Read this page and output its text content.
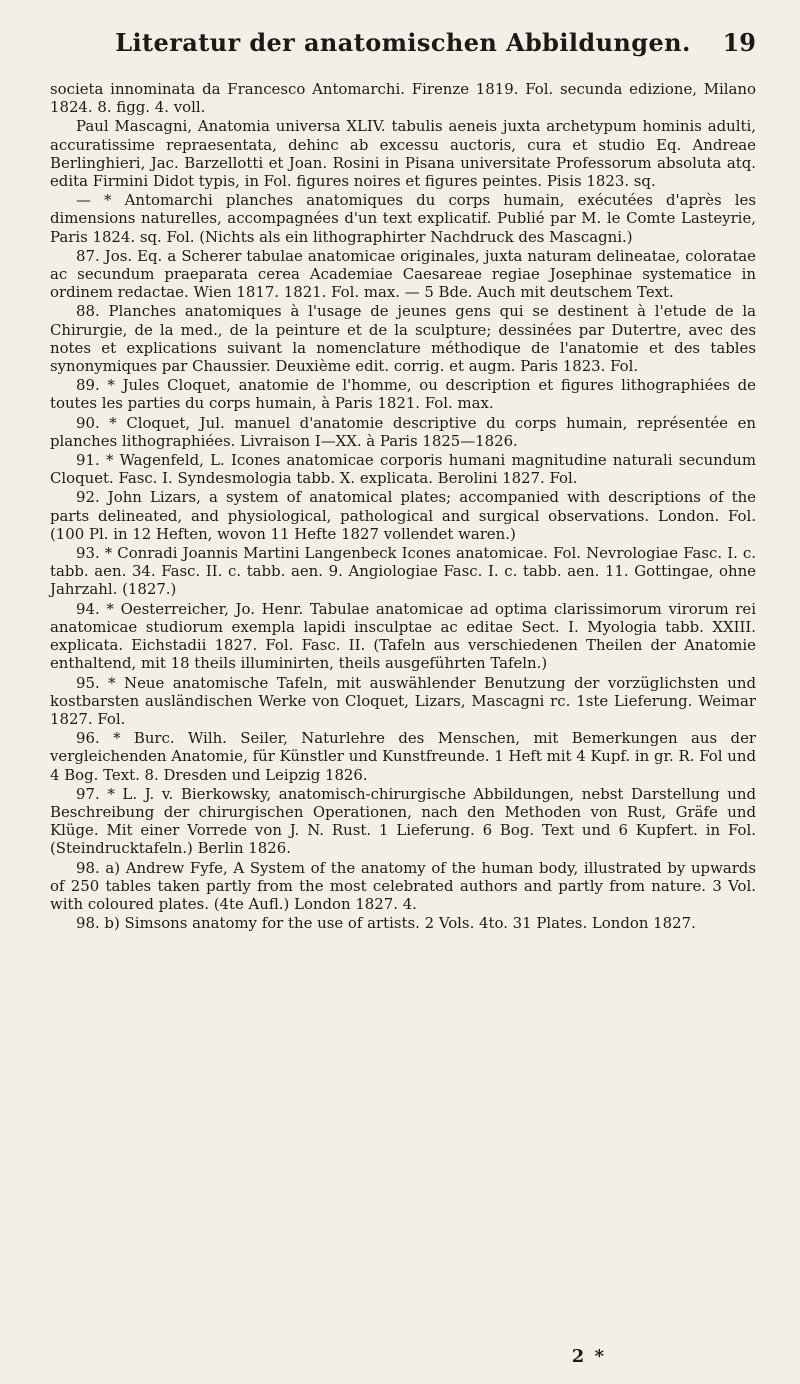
Literatur der anatomischen Abbildungen.	19

societa innominata da Francesco Antomarchi. Firenze 1819. Fol. secunda edizione, Milano 1824. 8. figg. 4. voll.

Paul Mascagni, Anatomia universa XLIV. tabulis aeneis juxta archetypum hominis adulti, accuratissime repraesentata, dehinc ab excessu auctoris, cura et studio Eq. Andreae Berlinghieri, Jac. Barzellotti et Joan. Rosini in Pisana universitate Professorum absoluta atq. edita Firmini Didot typis, in Fol. figures noires et figures peintes. Pisis 1823. sq.

— * Antomarchi planches anatomiques du corps humain, exécutées d'après les dimensions naturelles, accompagnées d'un text explicatif. Publié par M. le Comte Lasteyrie, Paris 1824. sq. Fol. (Nichts als ein lithographirter Nachdruck des Mascagni.)

87. Jos. Eq. a Scherer tabulae anatomicae originales, juxta naturam delineatae, coloratae ac secundum praeparata cerea Academiae Caesareae regiae Josephinae systematice in ordinem redactae. Wien 1817. 1821. Fol. max. — 5 Bde. Auch mit deutschem Text.

88. Planches anatomiques à l'usage de jeunes gens qui se destinent à l'etude de la Chirurgie, de la med., de la peinture et de la sculpture; dessinées par Dutertre, avec des notes et explications suivant la nomenclature méthodique de l'anatomie et des tables synonymiques par Chaussier. Deuxième edit. corrig. et augm. Paris 1823. Fol.

89. * Jules Cloquet, anatomie de l'homme, ou description et figures lithographiées de toutes les parties du corps humain, à Paris 1821. Fol. max.

90. * Cloquet, Jul. manuel d'anatomie descriptive du corps humain, représentée en planches lithographiées. Livraison I—XX. à Paris 1825—1826.

91. * Wagenfeld, L. Icones anatomicae corporis humani magnitudine naturali secundum Cloquet. Fasc. I. Syndesmologia tabb. X. explicata. Berolini 1827. Fol.

92. John Lizars, a system of anatomical plates; accompanied with descriptions of the parts delineated, and physiological, pathological and surgical observations. London. Fol. (100 Pl. in 12 Heften, wovon 11 Hefte 1827 vollendet waren.)

93. * Conradi Joannis Martini Langenbeck Icones anatomicae. Fol. Nevrologiae Fasc. I. c. tabb. aen. 34. Fasc. II. c. tabb. aen. 9. Angiologiae Fasc. I. c. tabb. aen. 11. Gottingae, ohne Jahrzahl. (1827.)

94. * Oesterreicher, Jo. Henr. Tabulae anatomicae ad optima clarissimorum virorum rei anatomicae studiorum exempla lapidi insculptae ac editae Sect. I. Myologia tabb. XXIII. explicata. Eichstadii 1827. Fol. Fasc. II. (Tafeln aus verschiedenen Theilen der Anatomie enthaltend, mit 18 theils illuminirten, theils ausgeführten Tafeln.)

95. * Neue anatomische Tafeln, mit auswählender Benutzung der vorzüglichsten und kostbarsten ausländischen Werke von Cloquet, Lizars, Mascagni rc. 1ste Lieferung. Weimar 1827. Fol.

96. * Burc. Wilh. Seiler, Naturlehre des Menschen, mit Bemerkungen aus der vergleichenden Anatomie, für Künstler und Kunstfreunde. 1 Heft mit 4 Kupf. in gr. R. Fol und 4 Bog. Text. 8. Dresden und Leipzig 1826.

97. * L. J. v. Bierkowsky, anatomisch-chirurgische Abbildungen, nebst Darstellung und Beschreibung der chirurgischen Operationen, nach den Methoden von Rust, Gräfe und Klüge. Mit einer Vorrede von J. N. Rust. 1 Lieferung. 6 Bog. Text und 6 Kupfert. in Fol. (Steindrucktafeln.) Berlin 1826.

98. a) Andrew Fyfe, A System of the anatomy of the human body, illustrated by upwards of 250 tables taken partly from the most celebrated authors and partly from nature. 3 Vol. with coloured plates. (4te Aufl.) London 1827. 4.

98. b) Simsons anatomy for the use of artists. 2 Vols. 4to. 31 Plates. London 1827.

2 *
